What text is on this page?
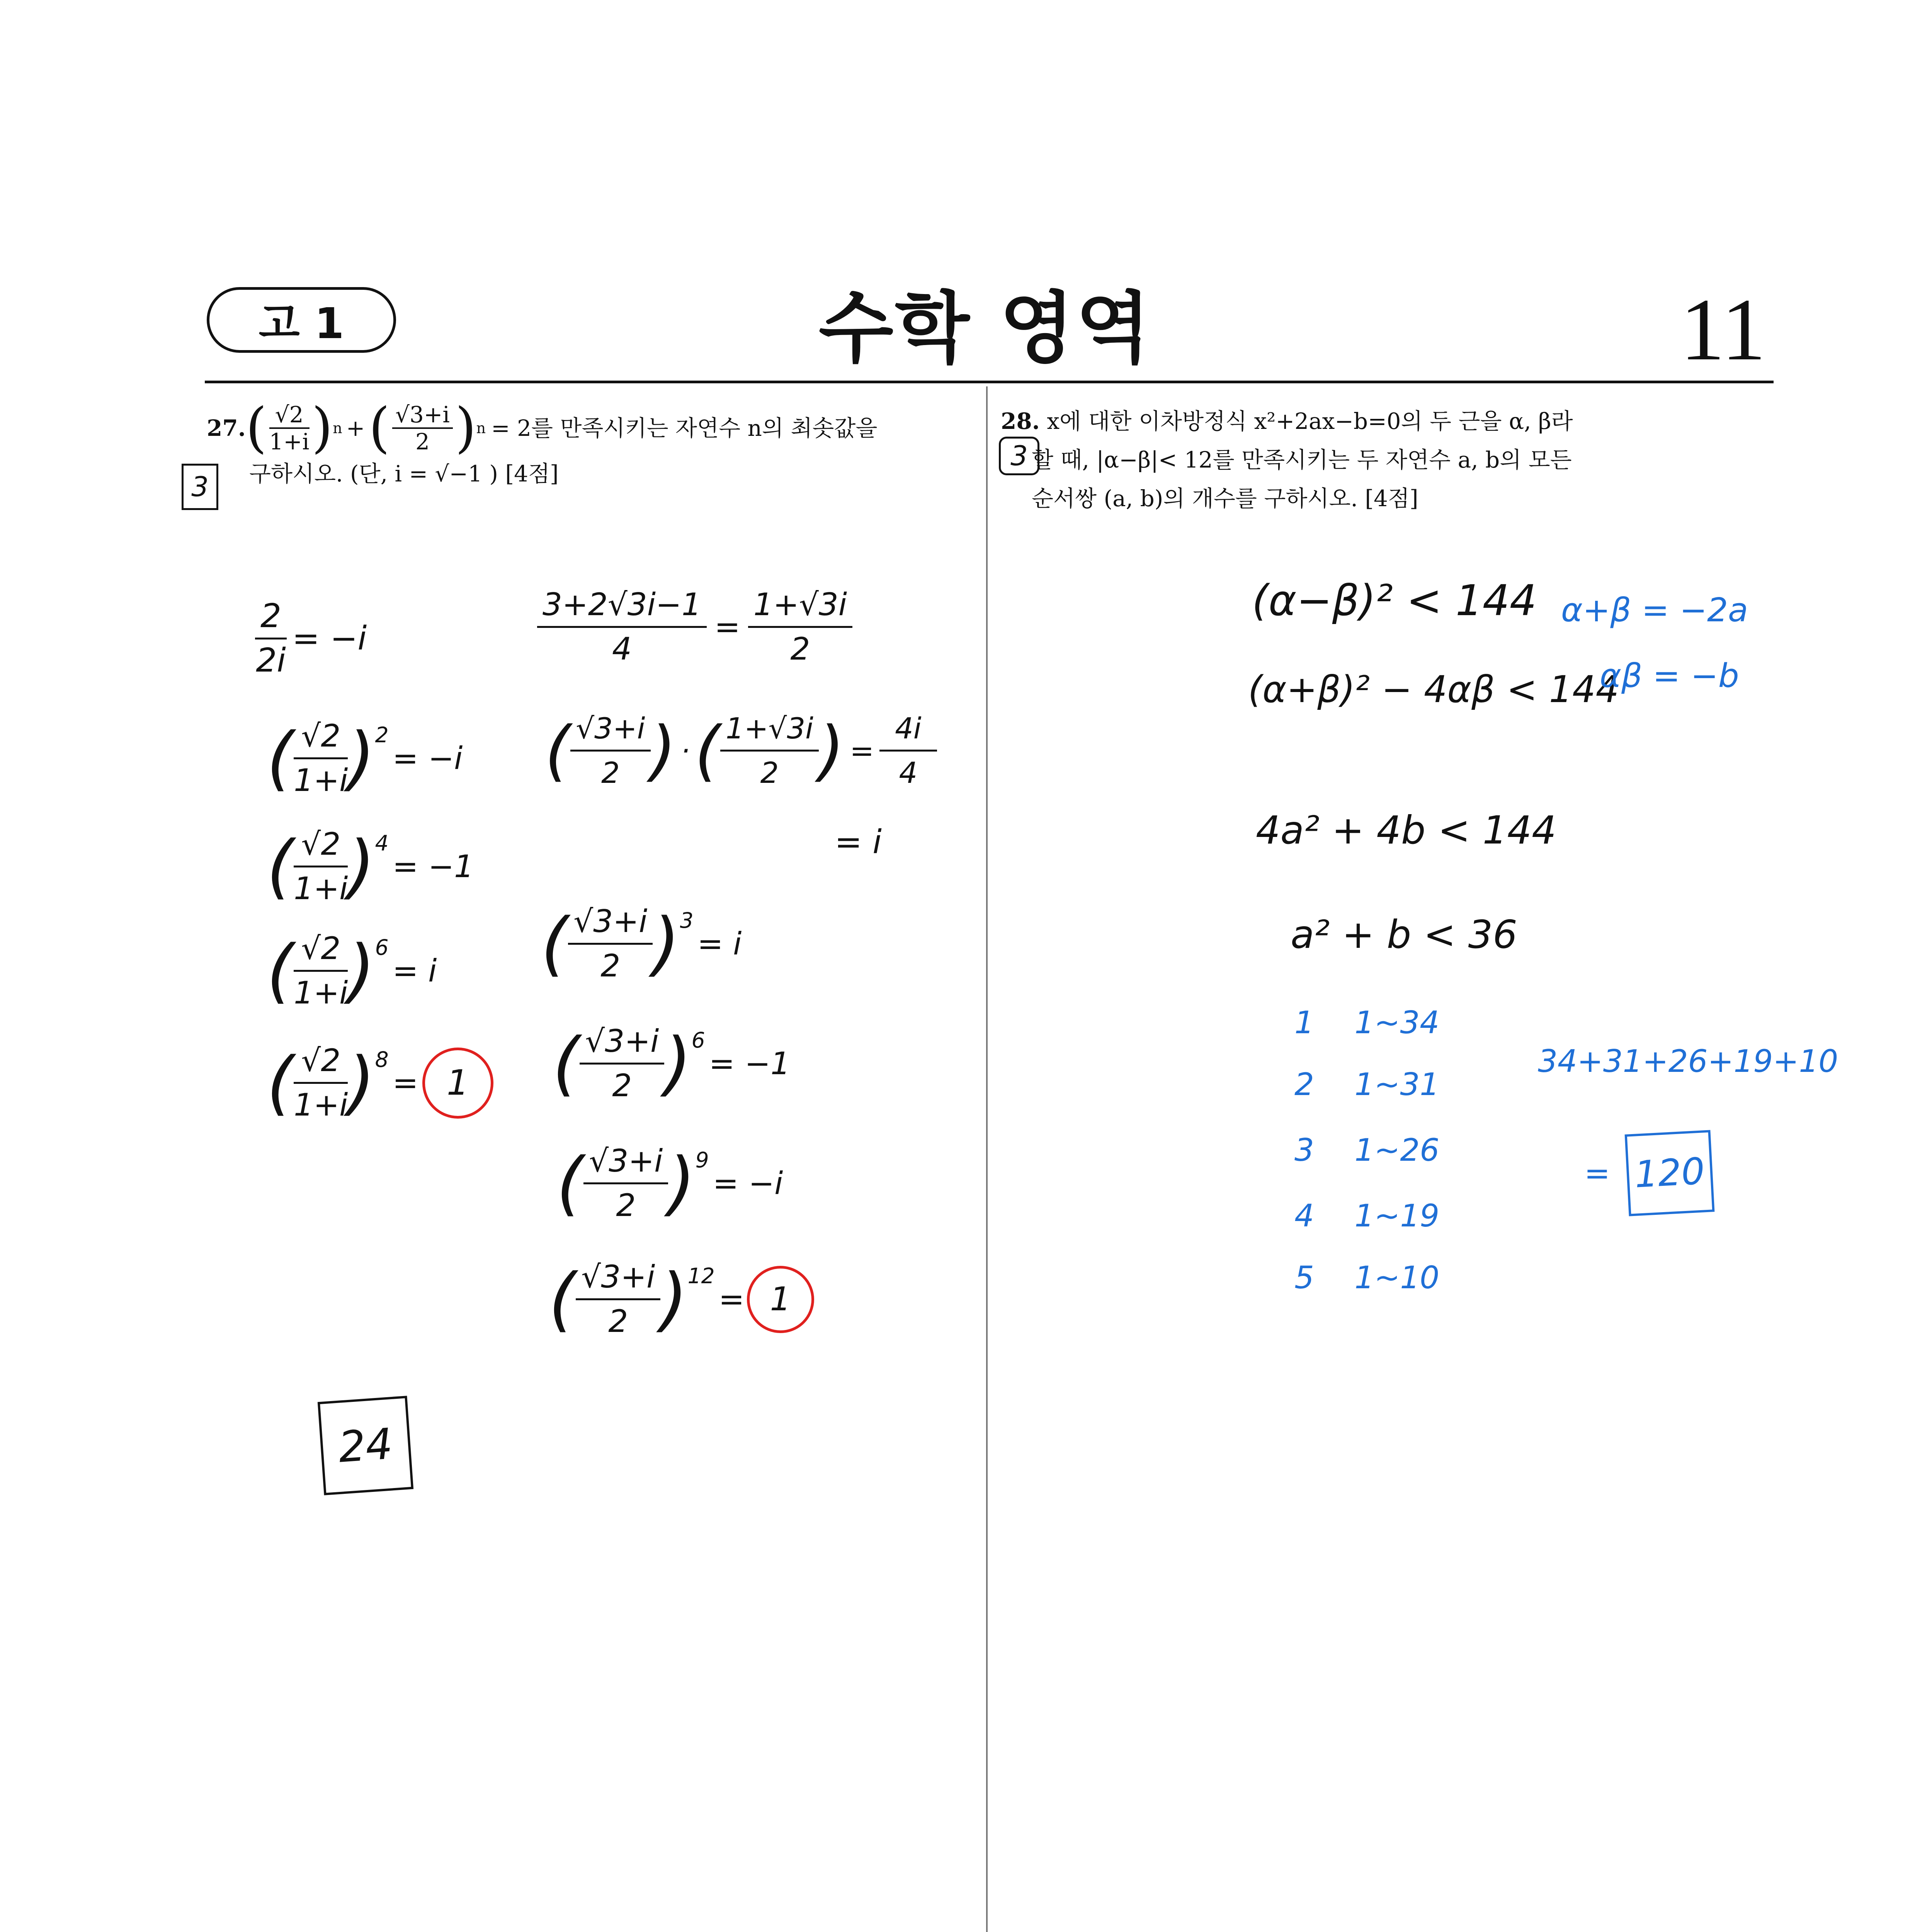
고 1	수학 영역	11
27. ( $\frac{√2}{1+i}$ ) n + ( $\frac{√3+i}{2}$ ) n = 2를 만족시키는 자연수 n의 최솟값을
구하시오. (단, i = √−1 ) [4점]
3
28. x에 대한 이차방정식 x²+2ax−b=0의 두 근을 α, β라
할 때, |α−β|< 12를 만족시키는 두 자연수 a, b의 모든
순서쌍 (a, b)의 개수를 구하시오. [4점]
3
$\frac{2}{2i} = -i$
( $\frac{√2}{1+i}$ ) 2
= −i
( $\frac{√2}{1+i}$ ) 4
= −1
( $\frac{√2}{1+i}$ ) 6
= i
( $\frac{√2}{1+i}$ ) 8
= 1
24
$\frac{3+2√3i-1}{4} = \frac{1+√3i}{2}$
( $\frac{√3+i}{2}$ ) · ( $\frac{1+√3i}{2}$ ) = $\frac{4i}{4}$
= i
( $\frac{√3+i}{2}$ ) 3
= i
( $\frac{√3+i}{2}$ ) 6
= −1
( $\frac{√3+i}{2}$ ) 9
= −i
( $\frac{√3+i}{2}$ ) 12
= 1
(α−β)² < 144
(α+β)² − 4αβ < 144
4a² + 4b < 144
a² + b < 36
α+β = −2a
αβ = −b
1 1~34
2 1~31
3 1~26
4 1~19
5 1~10
34+31+26+19+10
= 120
